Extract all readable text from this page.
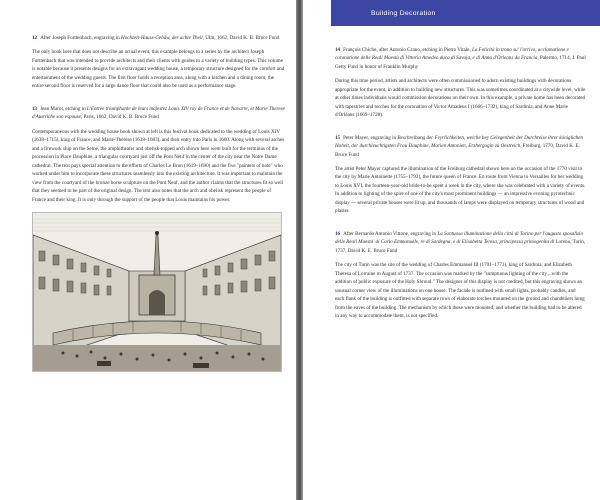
12 After Joseph Furttenbach, engraving in Hochzeit-Hauss-Gebäw, der achte Theil, Ulm, 1662, David K. B. Bruce Fund

The only book here that does not describe an actual event, this example belongs to a series by the architect Joseph Furttenbach that was intended to provide architects and their clients with guides to a variety of building types. This volume is notable because it presents designs for an extravagant wedding house, a temporary structure designed for the comfort and entertainment of the wedding guests. The first floor holds a reception area, along with a kitchen and a dining room; the entire second floor is reserved for a large dance floor that could also be used as a performance stage.

13 Jean Marot, etching in L'Entrée triomphante de leurs majestez Louis XIV roy de France et de Navarre, et Marie Therese d'Austriche son espouse, Paris, 1662, David K. B. Bruce Fund

Contemporaneous with the wedding house book shown at left is this festival book dedicated to the wedding of Louis XIV (1638–1715), king of France, and Marie-Thérèse (1638–1683), and their entry into Paris in 1660. Along with several arches and a firework ship on the Seine, the amphitheater and obelisk-topped arch shown here were built for the terminus of the procession in Place Dauphine, a triangular courtyard just off the Pont Neuf in the center of the city near the Notre Dame cathedral. The text pays special attention to the efforts of Charles Le Brun (1619–1690) and the five "painters of note" who worked under him to incorporate these structures seamlessly into the existing architecture. It was important to maintain the view from the courtyard of the bronze horse sculpture on the Pont Neuf, and the author claims that the structures fit so well that they seemed to be part of the original design. The text also notes that the arch and obelisk represent the people of France and their king. It is only through the support of the people that Louis maintains his power.

Building Decoration

14 François Chiche, after Antonio Grano, etching in Pietro Vitale, La Felicità in trono su' l'arrivo, acclamatione e coronatione delle Reali Maestà di Vittorio Amedeo duca di Savoja, e di Anna d'Orleans da Francia, Palermo, 1714, J. Paul Getty Fund in honor of Franklin Murphy

During this time period, artists and architects were often commissioned to adorn existing buildings with decorations appropriate for the event, in addition to building new structures. This was sometimes coordinated at a citywide level, while at other times individuals would commission decorations on their own. In this example, a private home has been decorated with tapestries and torches for the coronation of Victor Amadeus I (1666–1732), king of Sardinia, and Anne Marie d'Orléans (1669–1728).

15 Peter Mayer, engraving in Beschreibung der Feyrlichkeiten, welche bey Gelegenheit der Durchreise ihrer königlichen Hoheit, der durchleuchtigsten Frau Dauphine, Marien Antonien, Erzhergogin zu Oestreich, Freiburg, 1770, David K. E. Bruce Fund

The artist Peter Mayer captured the illumination of the Freiburg cathedral shown here on the occasion of the 1770 visit to the city by Marie Antoinette (1755–1793), the future queen of France. En route from Vienna to Versailles for her wedding to Louis XVI, the fourteen-year-old bride-to-be spent a week in the city, where she was celebrated with a variety of events. In addition to lighting of the spire of one of the city's most prominent buildings — an impressive evening pyrotechnic display — several private houses were lit up, and thousands of lamps were displayed on temporary structures of wood and plaster.

16 After Bernardo Antonio Vittone, engraving in La Sontuosa illuminazione della città di Torino per l'augusto sposalizio delle Reali Maestà' di Carlo Emmanuele, re di Sardegna, e di Elisabetta Teresa, principessa primogenita di Lorena, Turin, 1737, David K. E. Bruce Fund

The city of Turin was the site of the wedding of Charles Emmanuel III (1701–1773), king of Sardinia, and Elizabeth Theresa of Lorraine in August of 1737. The occasion was marked by the "sumptuous lighting of the city....with the addition of public exposure of the Holy Shroud." The designer of this display is not credited, but this engraving shows an unusual corner view of the illuminations on one house. The facade is outlined with small lights, probably candles, and each flank of the building is outfitted with separate rows of elaborate torches mounted on the ground and chandeliers hung from the eaves of the building. The mechanism by which these were mounted, and whether the building had to be altered in any way to accommodate them, is not specified.
